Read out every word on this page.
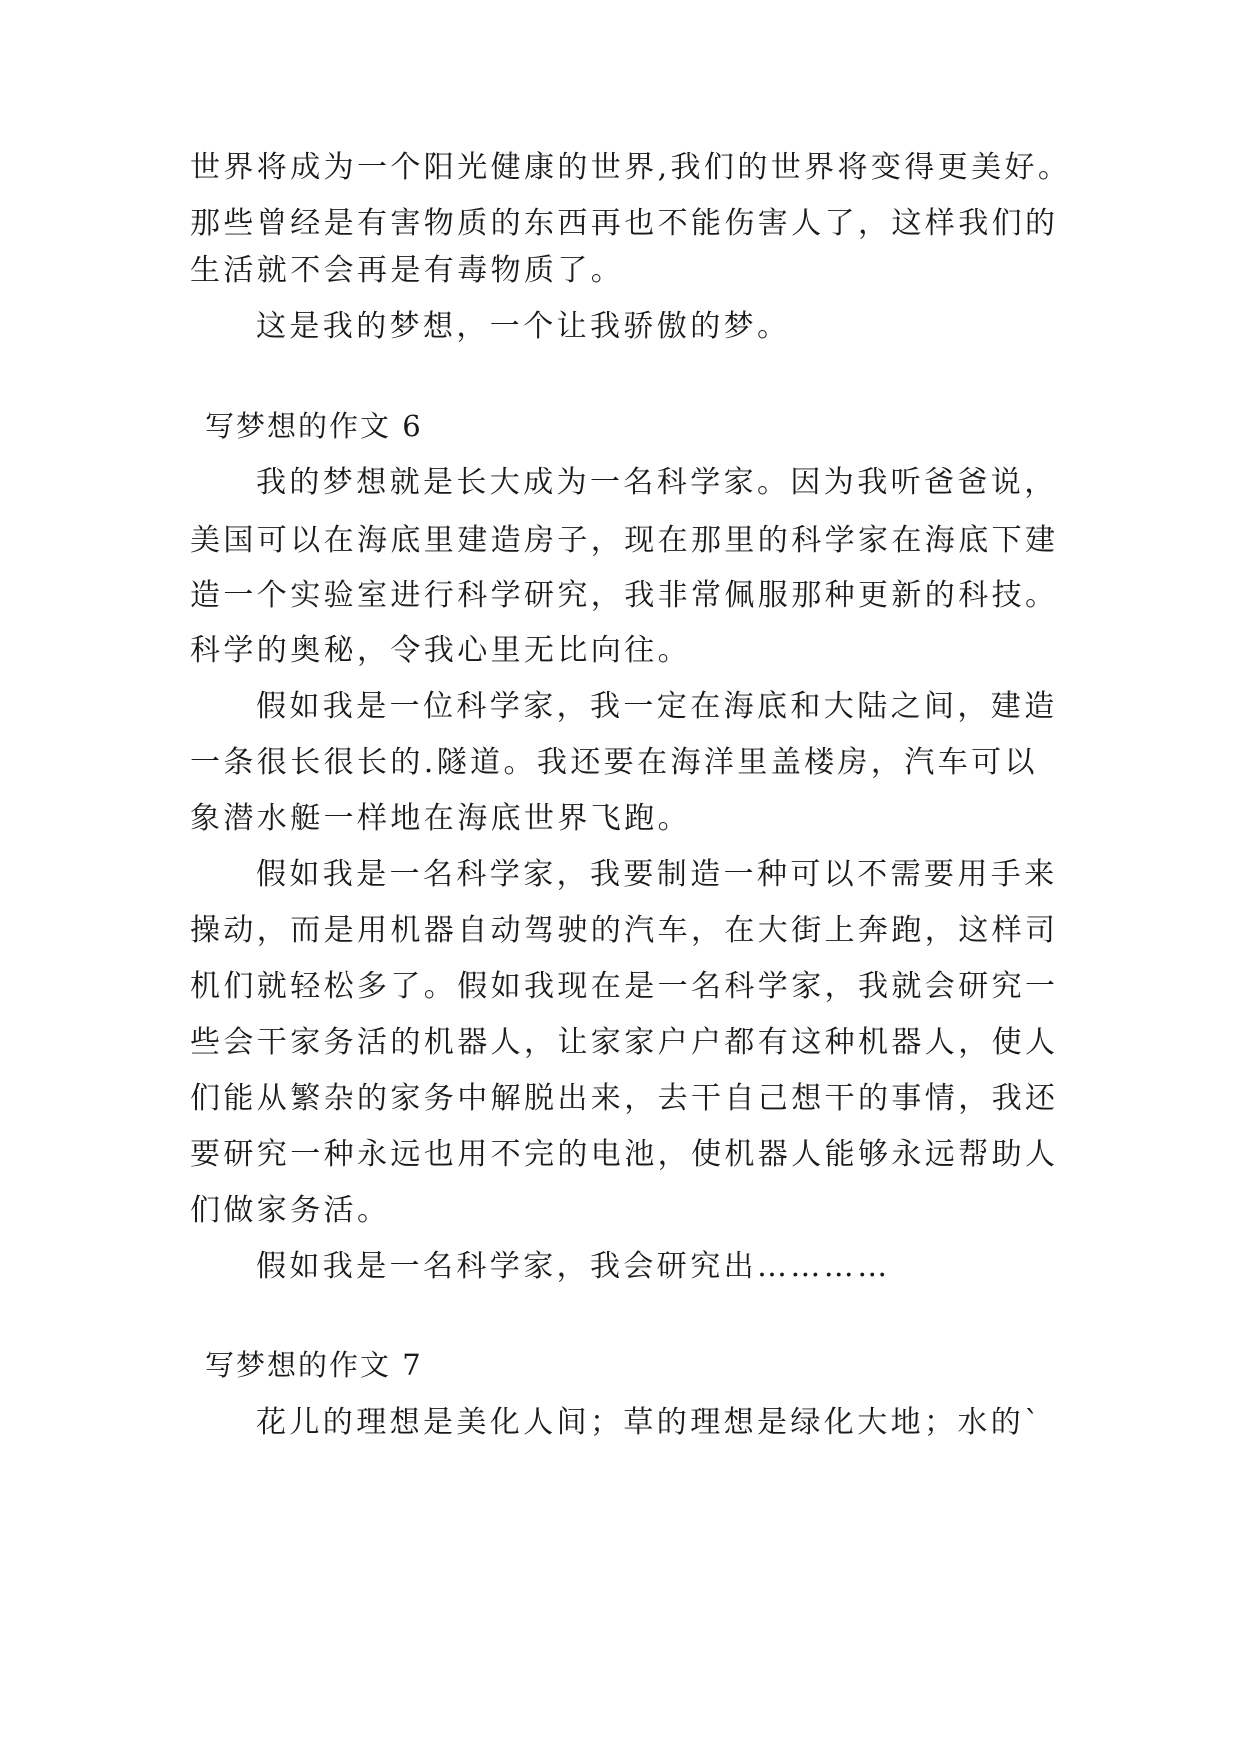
世界将成为一个阳光健康的世界,我们的世界将变得更美好。
那些曾经是有害物质的东西再也不能伤害人了，这样我们的
生活就不会再是有毒物质了。
这是我的梦想，一个让我骄傲的梦。
写梦想的作文 6
我的梦想就是长大成为一名科学家。因为我听爸爸说，
美国可以在海底里建造房子，现在那里的科学家在海底下建
造一个实验室进行科学研究，我非常佩服那种更新的科技。
科学的奥秘，令我心里无比向往。
假如我是一位科学家，我一定在海底和大陆之间，建造
一条很长很长的.隧道。我还要在海洋里盖楼房，汽车可以
象潜水艇一样地在海底世界飞跑。
假如我是一名科学家，我要制造一种可以不需要用手来
操动，而是用机器自动驾驶的汽车，在大街上奔跑，这样司
机们就轻松多了。假如我现在是一名科学家，我就会研究一
些会干家务活的机器人，让家家户户都有这种机器人，使人
们能从繁杂的家务中解脱出来，去干自己想干的事情，我还
要研究一种永远也用不完的电池，使机器人能够永远帮助人
们做家务活。
假如我是一名科学家，我会研究出…………
写梦想的作文 7
花儿的理想是美化人间；草的理想是绿化大地；水的`
